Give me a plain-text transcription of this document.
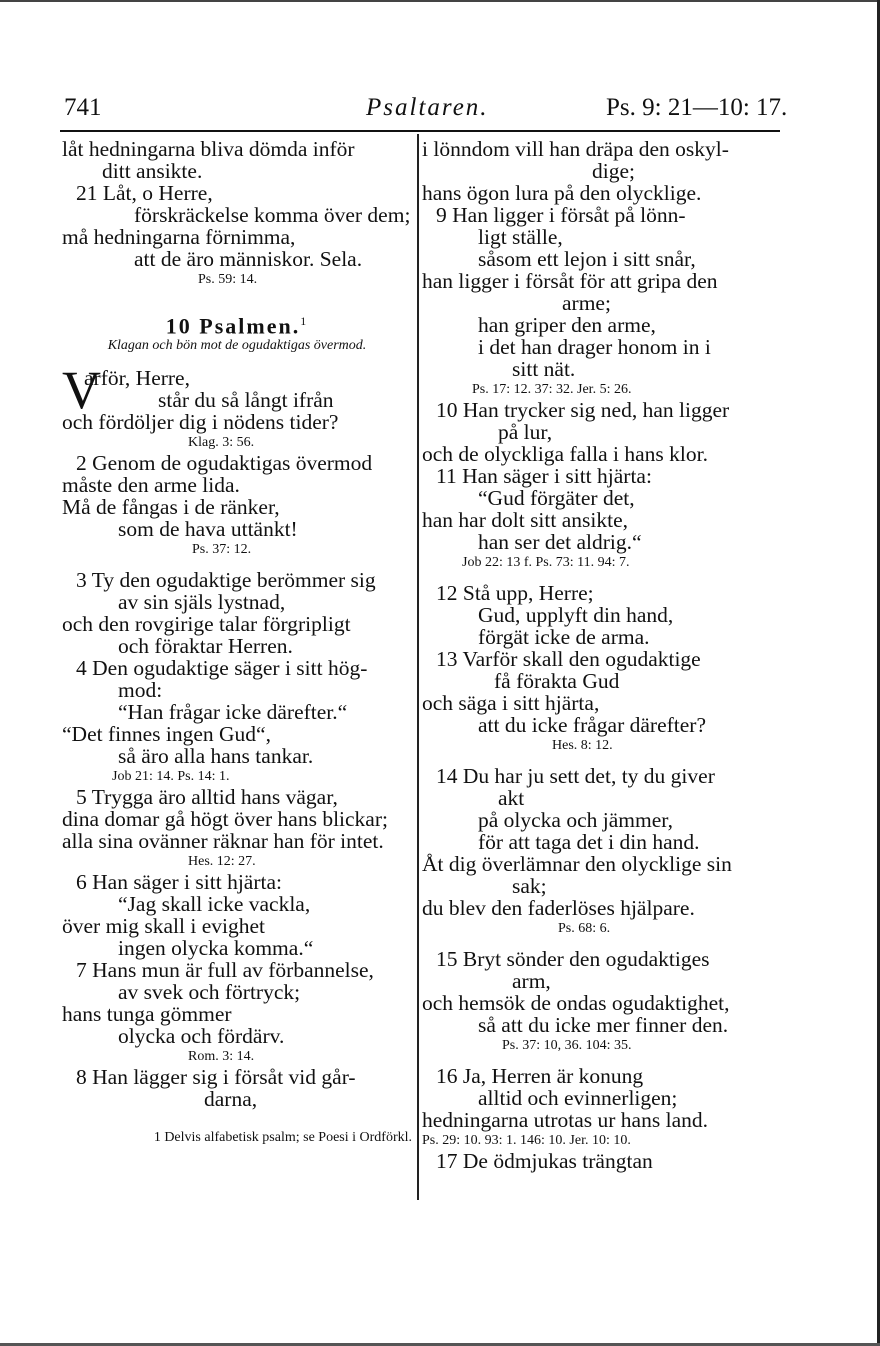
741	Psaltaren.	Ps. 9: 21—10: 17.
låt hedningarna bliva dömda inför
ditt ansikte.
21 Låt, o Herre,
förskräckelse komma över dem;
må hedningarna förnimma,
att de äro människor. Sela.
Ps. 59: 14.
10 Psalmen.$^1$
Klagan och bön mot de ogudaktigas övermod.
V
arför, Herre,
står du så långt ifrån
och fördöljer dig i nödens tider?
Klag. 3: 56.
2 Genom de ogudaktigas övermod
måste den arme lida.
Må de fångas i de ränker,
som de hava uttänkt!
Ps. 37: 12.
3 Ty den ogudaktige berömmer sig
av sin själs lystnad,
och den rovgirige talar förgripligt
och föraktar Herren.
4 Den ogudaktige säger i sitt hög-
mod:
“Han frågar icke därefter.“
“Det finnes ingen Gud“,
så äro alla hans tankar.
Job 21: 14. Ps. 14: 1.
5 Trygga äro alltid hans vägar,
dina domar gå högt över hans blickar;
alla sina ovänner räknar han för intet.
Hes. 12: 27.
6 Han säger i sitt hjärta:
“Jag skall icke vackla,
över mig skall i evighet
ingen olycka komma.“
7 Hans mun är full av förbannelse,
av svek och förtryck;
hans tunga gömmer
olycka och fördärv.
Rom. 3: 14.
8 Han lägger sig i försåt vid går-
darna,
1 Delvis alfabetisk psalm; se Poesi i Ordförkl.
i lönndom vill han dräpa den oskyl-
dige;
hans ögon lura på den olycklige.
9 Han ligger i försåt på lönn-
ligt ställe,
såsom ett lejon i sitt snår,
han ligger i försåt för att gripa den
arme;
han griper den arme,
i det han drager honom in i
sitt nät.
Ps. 17: 12. 37: 32. Jer. 5: 26.
10 Han trycker sig ned, han ligger
på lur,
och de olyckliga falla i hans klor.
11 Han säger i sitt hjärta:
“Gud förgäter det,
han har dolt sitt ansikte,
han ser det aldrig.“
Job 22: 13 f. Ps. 73: 11. 94: 7.
12 Stå upp, Herre;
Gud, upplyft din hand,
förgät icke de arma.
13 Varför skall den ogudaktige
få förakta Gud
och säga i sitt hjärta,
att du icke frågar därefter?
Hes. 8: 12.
14 Du har ju sett det, ty du giver
akt
på olycka och jämmer,
för att taga det i din hand.
Åt dig överlämnar den olycklige sin
sak;
du blev den faderlöses hjälpare.
Ps. 68: 6.
15 Bryt sönder den ogudaktiges
arm,
och hemsök de ondas ogudaktighet,
så att du icke mer finner den.
Ps. 37: 10, 36. 104: 35.
16 Ja, Herren är konung
alltid och evinnerligen;
hedningarna utrotas ur hans land.
Ps. 29: 10. 93: 1. 146: 10. Jer. 10: 10.
17 De ödmjukas trängtan
